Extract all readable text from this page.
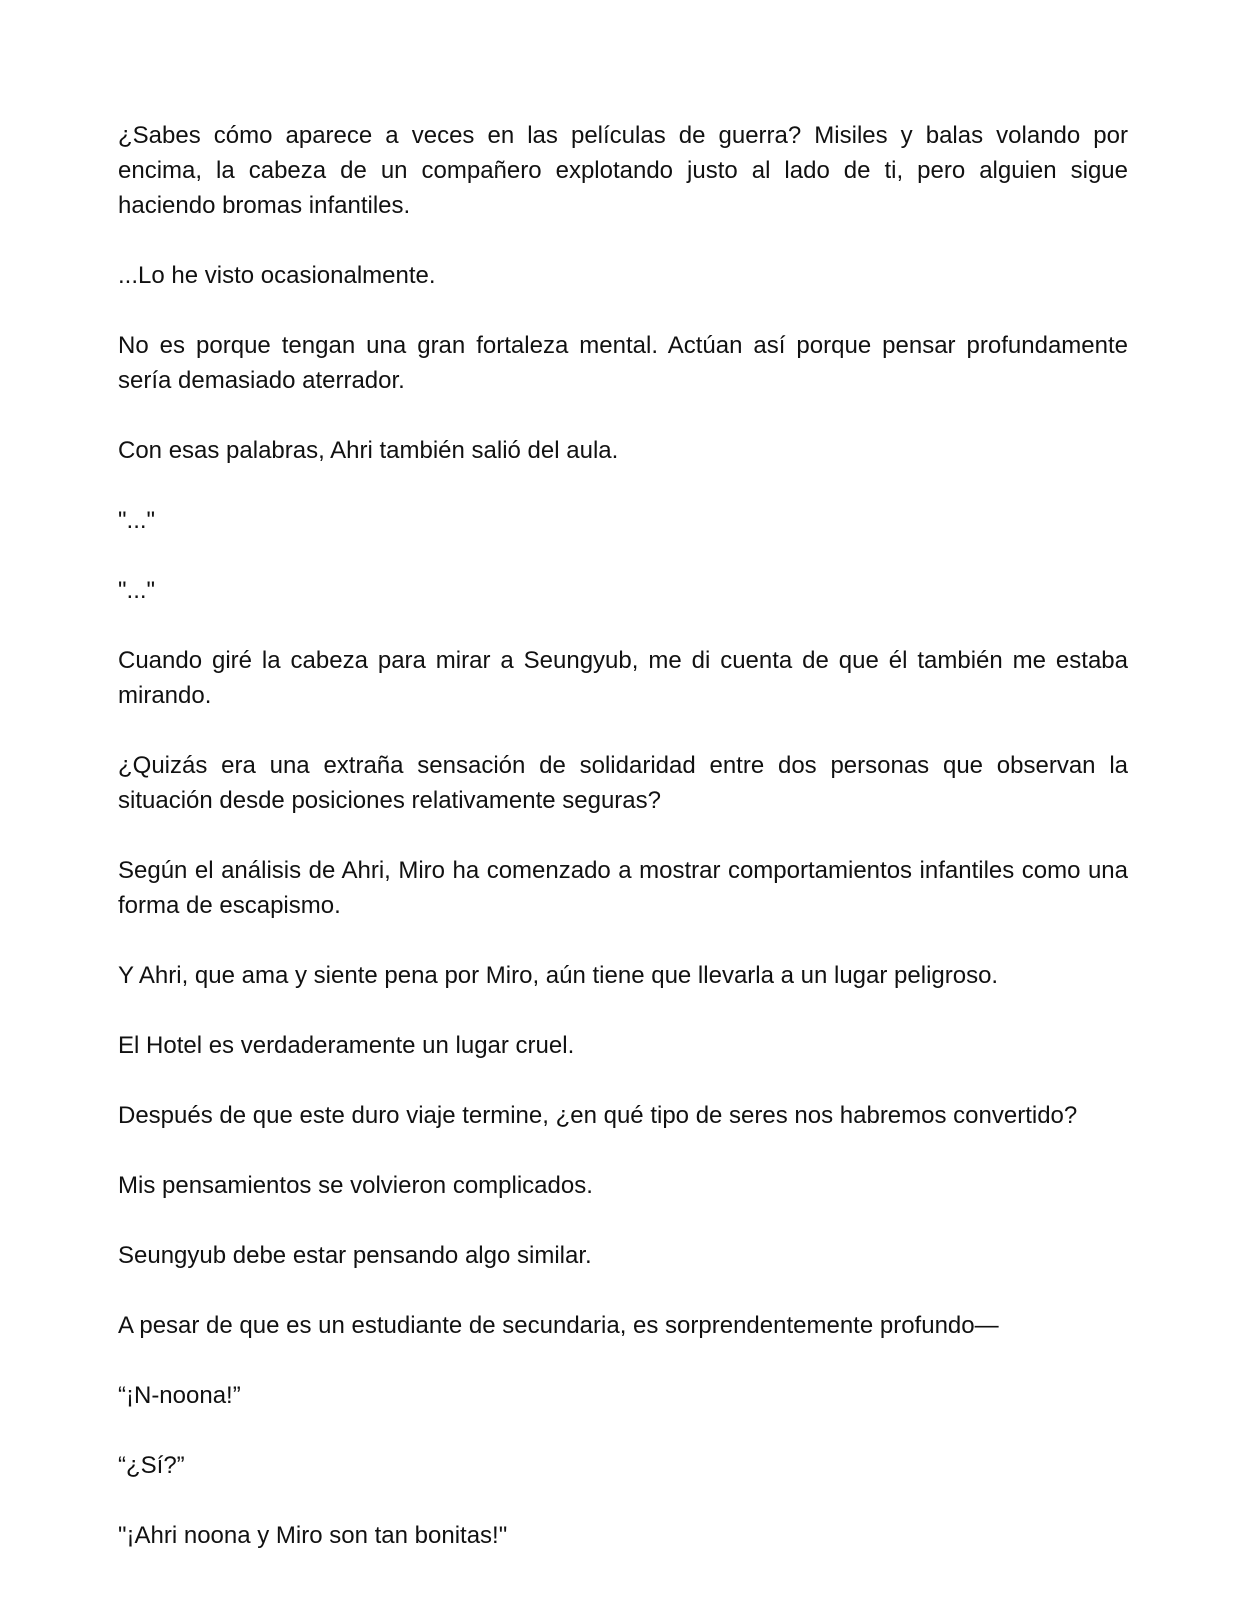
¿Sabes cómo aparece a veces en las películas de guerra? Misiles y balas volando por encima, la cabeza de un compañero explotando justo al lado de ti, pero alguien sigue haciendo bromas infantiles.

...Lo he visto ocasionalmente.

No es porque tengan una gran fortaleza mental. Actúan así porque pensar profundamente sería demasiado aterrador.

Con esas palabras, Ahri también salió del aula.

"..."

"..."

Cuando giré la cabeza para mirar a Seungyub, me di cuenta de que él también me estaba mirando.

¿Quizás era una extraña sensación de solidaridad entre dos personas que observan la situación desde posiciones relativamente seguras?

Según el análisis de Ahri, Miro ha comenzado a mostrar comportamientos infantiles como una forma de escapismo.

Y Ahri, que ama y siente pena por Miro, aún tiene que llevarla a un lugar peligroso.

El Hotel es verdaderamente un lugar cruel.

Después de que este duro viaje termine, ¿en qué tipo de seres nos habremos convertido?

Mis pensamientos se volvieron complicados.

Seungyub debe estar pensando algo similar.

A pesar de que es un estudiante de secundaria, es sorprendentemente profundo—

“¡N-noona!”

“¿Sí?”

"¡Ahri noona y Miro son tan bonitas!"
